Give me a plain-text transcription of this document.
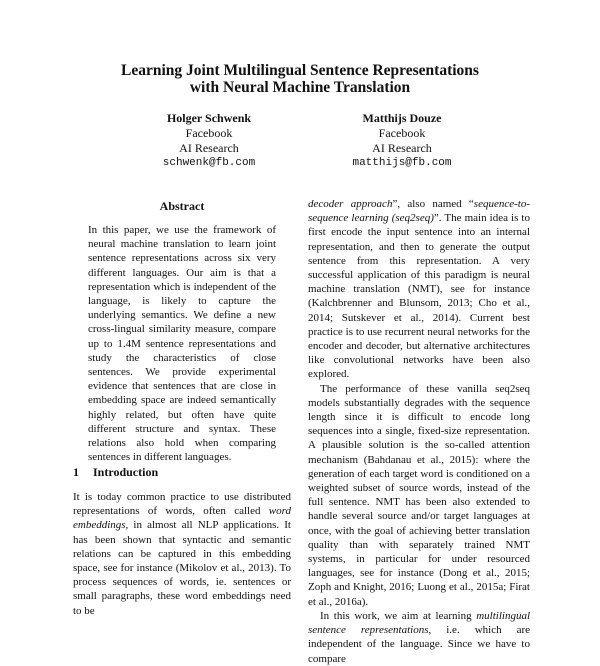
Learning Joint Multilingual Sentence Representations
with Neural Machine Translation
Holger Schwenk
Facebook
AI Research
schwenk@fb.com
Matthijs Douze
Facebook
AI Research
matthijs@fb.com
Abstract
In this paper, we use the framework of neural machine translation to learn joint sentence representations across six very different languages. Our aim is that a representation which is independent of the language, is likely to capture the underlying semantics. We define a new cross-lingual similarity measure, compare up to 1.4M sentence representations and study the characteristics of close sentences. We provide experimental evidence that sentences that are close in embedding space are indeed semantically highly related, but often have quite different structure and syntax. These relations also hold when comparing sentences in different languages.
1 Introduction
It is today common practice to use distributed representations of words, often called word embeddings, in almost all NLP applications. It has been shown that syntactic and semantic relations can be captured in this embedding space, see for instance (Mikolov et al., 2013). To process sequences of words, ie. sentences or small paragraphs, these word embeddings need to be

decoder approach”, also named “sequence-to-sequence learning (seq2seq)”. The main idea is to first encode the input sentence into an internal representation, and then to generate the output sentence from this representation. A very successful application of this paradigm is neural machine translation (NMT), see for instance (Kalchbrenner and Blunsom, 2013; Cho et al., 2014; Sutskever et al., 2014). Current best practice is to use recurrent neural networks for the encoder and decoder, but alternative architectures like convolutional networks have been also explored.

The performance of these vanilla seq2seq models substantially degrades with the sequence length since it is difficult to encode long sequences into a single, fixed-size representation. A plausible solution is the so-called attention mechanism (Bahdanau et al., 2015): where the generation of each target word is conditioned on a weighted subset of source words, instead of the full sentence. NMT has been also extended to handle several source and/or target languages at once, with the goal of achieving better translation quality than with separately trained NMT systems, in particular for under resourced languages, see for instance (Dong et al., 2015; Zoph and Knight, 2016; Luong et al., 2015a; Firat et al., 2016a).

In this work, we aim at learning multilingual sentence representations, i.e. which are independent of the language. Since we have to compare
